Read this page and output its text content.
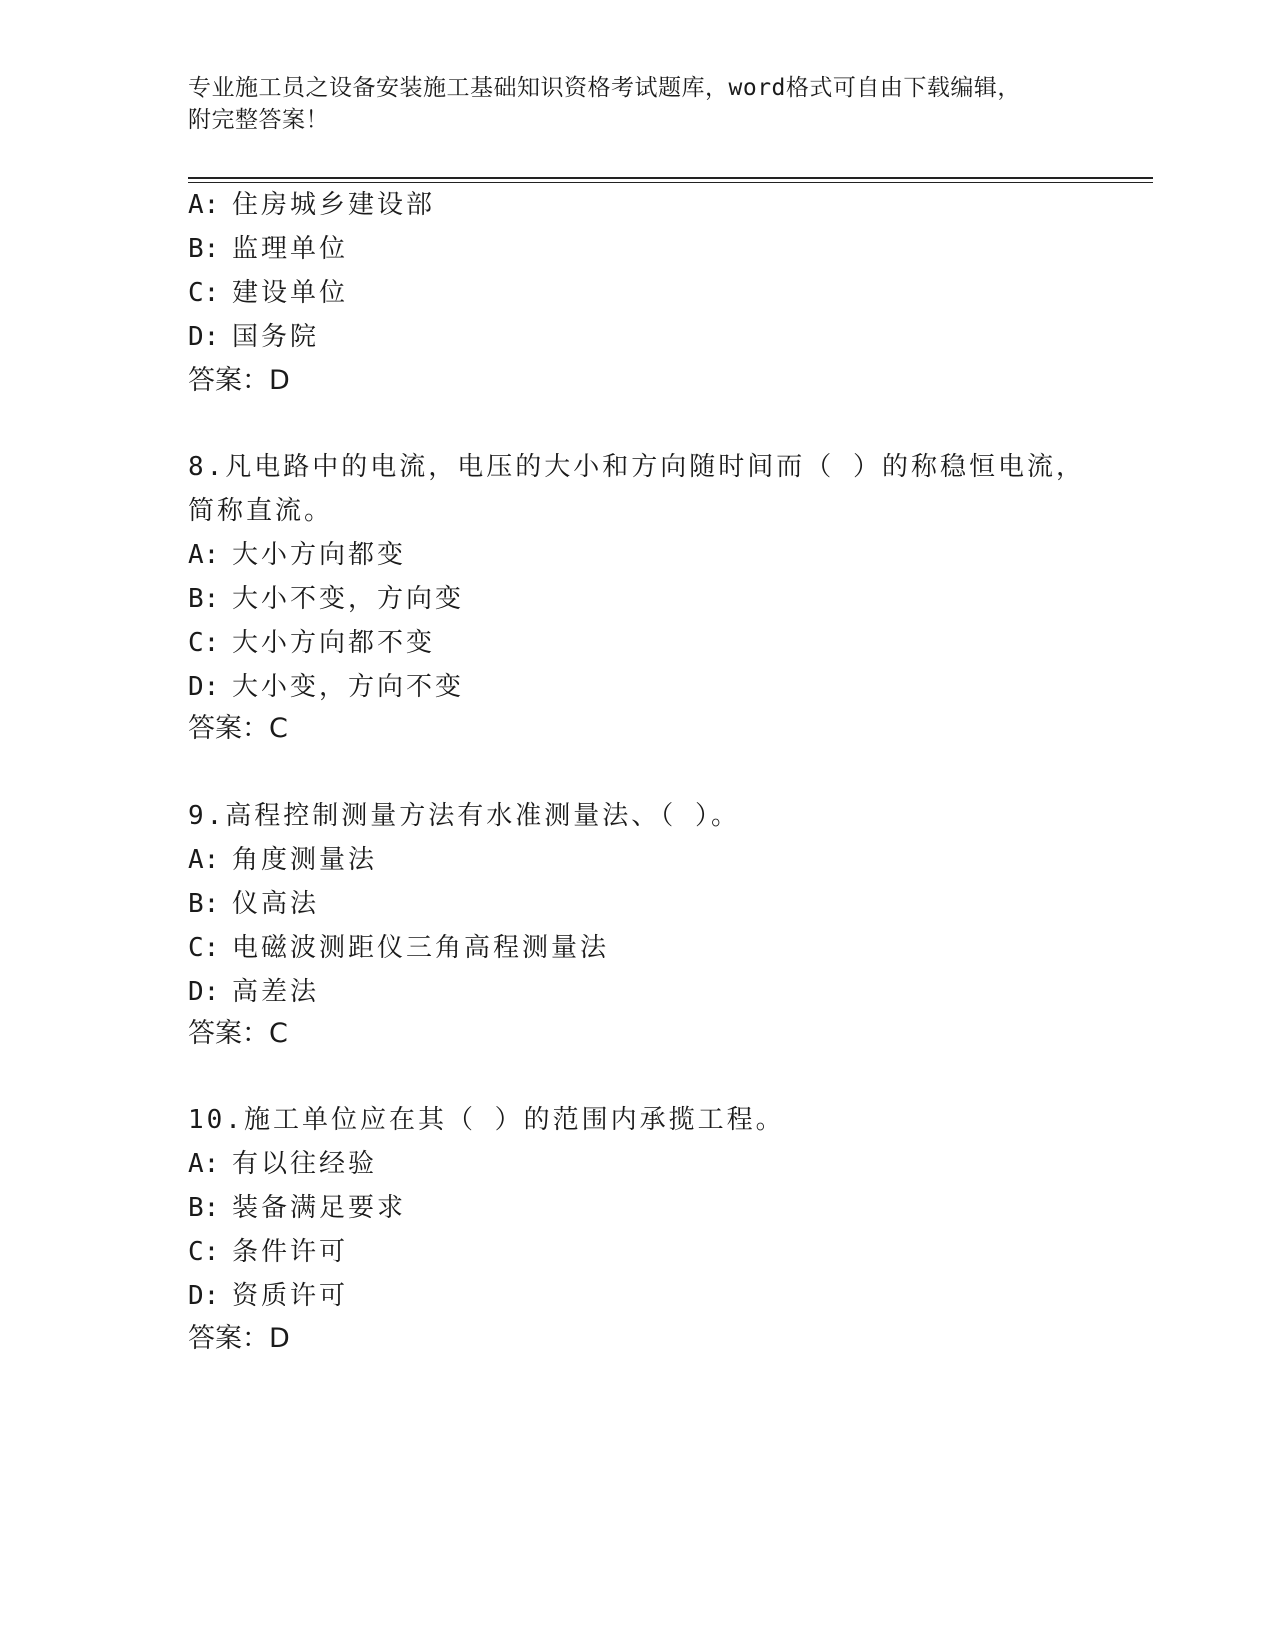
专业施工员之设备安装施工基础知识资格考试题库，word格式可自由下载编辑，
附完整答案！
A: 住房城乡建设部
B: 监理单位
C: 建设单位
D: 国务院
答案：D
8.凡电路中的电流，电压的大小和方向随时间而（ ）的称稳恒电流，
简称直流。
A: 大小方向都变
B: 大小不变，方向变
C: 大小方向都不变
D: 大小变，方向不变
答案：C
9.高程控制测量方法有水准测量法、（ ）。
A: 角度测量法
B: 仪高法
C: 电磁波测距仪三角高程测量法
D: 高差法
答案：C
10.施工单位应在其（ ）的范围内承揽工程。
A: 有以往经验
B: 装备满足要求
C: 条件许可
D: 资质许可
答案：D
